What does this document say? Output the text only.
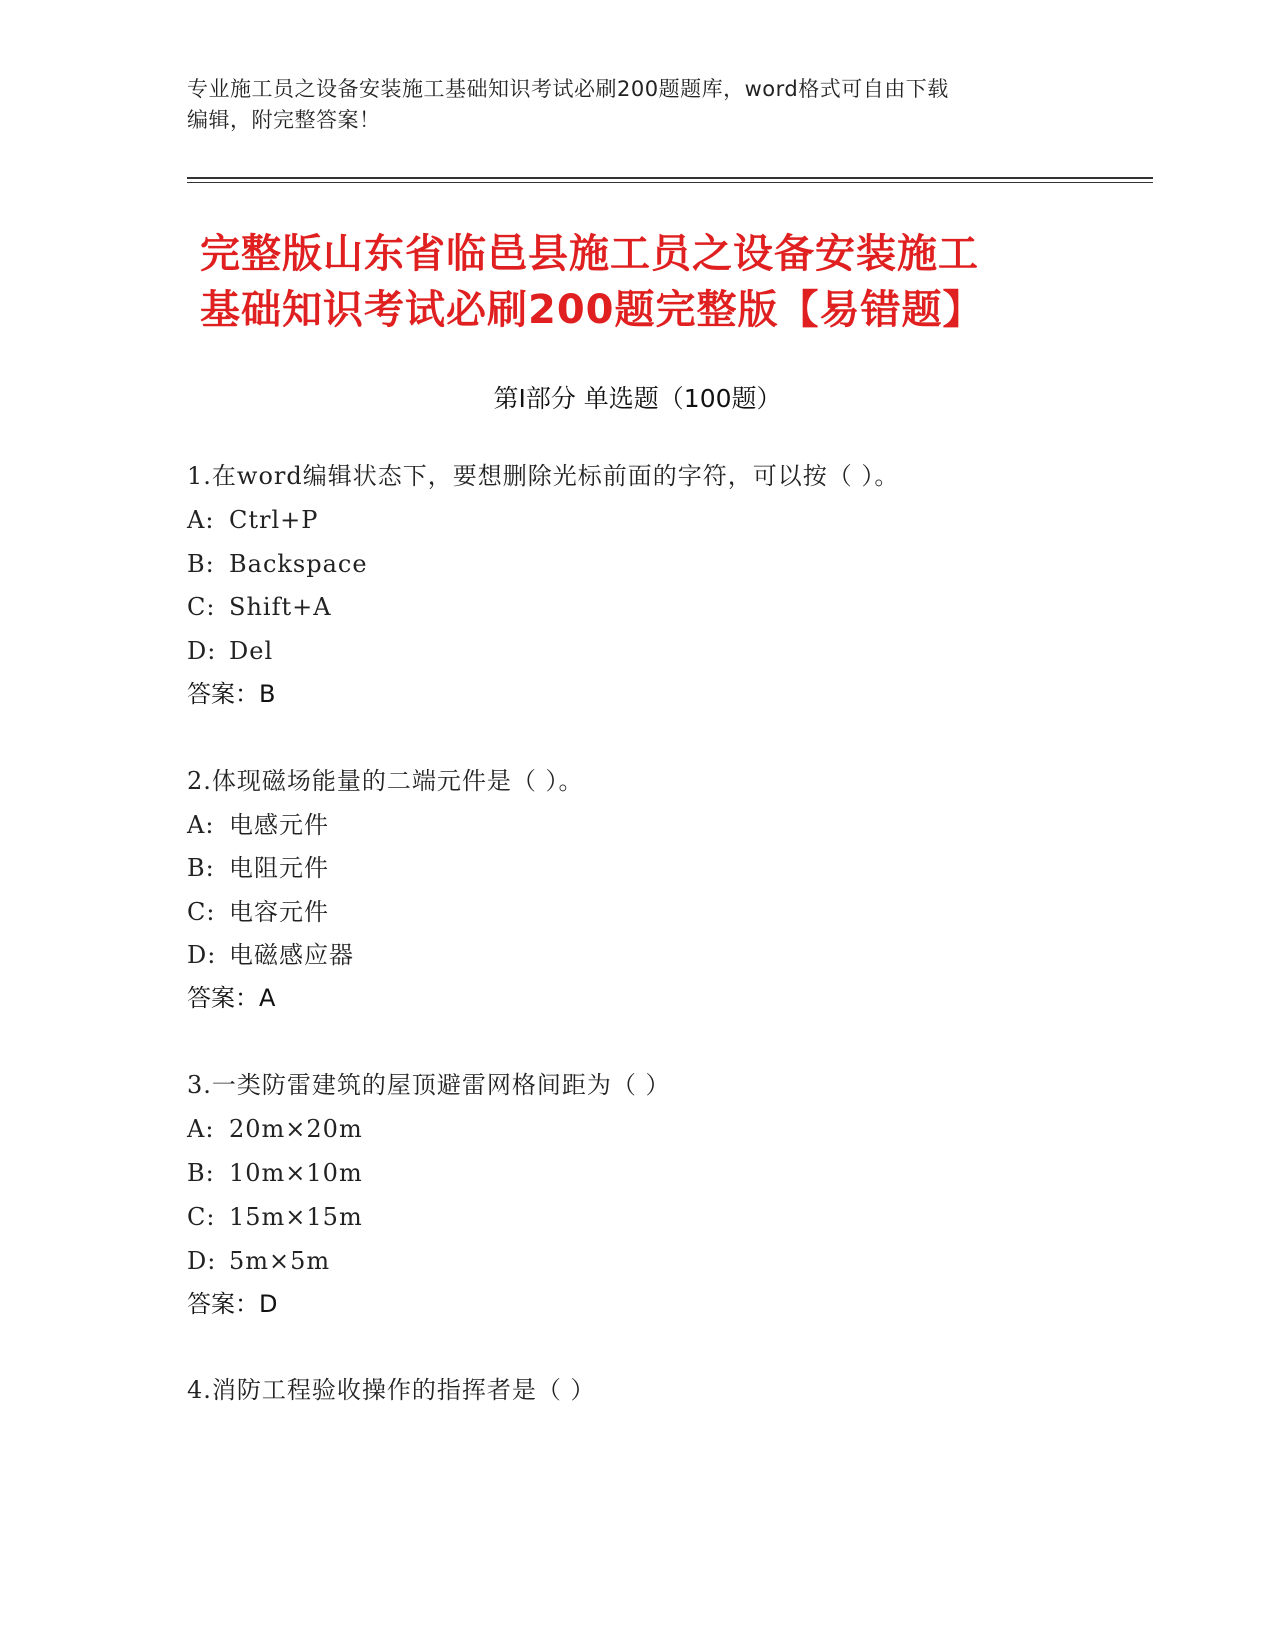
专业施工员之设备安装施工基础知识考试必刷200题题库，word格式可自由下载
编辑，附完整答案！
完整版山东省临邑县施工员之设备安装施工
基础知识考试必刷200题完整版【易错题】
第I部分 单选题（100题）
1.在word编辑状态下，要想删除光标前面的字符，可以按（ ）。
A: Ctrl+P
B: Backspace
C: Shift+A
D: Del
答案：B
2.体现磁场能量的二端元件是（ ）。
A: 电感元件
B: 电阻元件
C: 电容元件
D: 电磁感应器
答案：A
3.一类防雷建筑的屋顶避雷网格间距为（ ）
A: 20m×20m
B: 10m×10m
C: 15m×15m
D: 5m×5m
答案：D
4.消防工程验收操作的指挥者是（ ）
